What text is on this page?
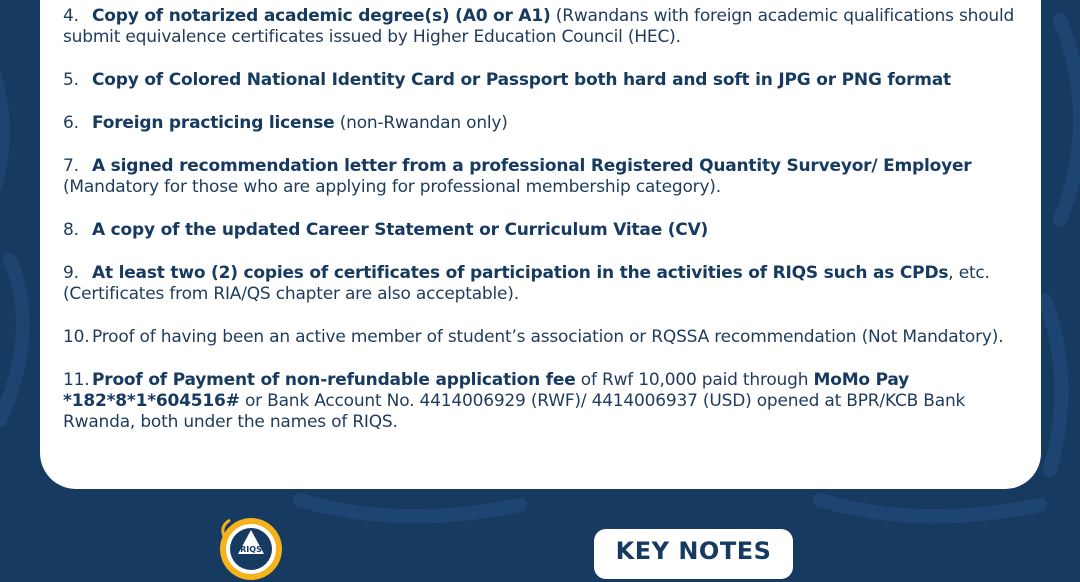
4. Copy of notarized academic degree(s) (A0 or A1) (Rwandans with foreign academic qualifications should submit equivalence certificates issued by Higher Education Council (HEC).
5. Copy of Colored National Identity Card or Passport both hard and soft in JPG or PNG format
6. Foreign practicing license (non-Rwandan only)
7. A signed recommendation letter from a professional Registered Quantity Surveyor/ Employer (Mandatory for those who are applying for professional membership category).
8. A copy of the updated Career Statement or Curriculum Vitae (CV)
9. At least two (2) copies of certificates of participation in the activities of RIQS such as CPDs, etc. (Certificates from RIA/QS chapter are also acceptable).
10. Proof of having been an active member of student’s association or RQSSA recommendation (Not Mandatory).
11. Proof of Payment of non-refundable application fee of Rwf 10,000 paid through MoMo Pay *182*8*1*604516# or Bank Account No. 4414006929 (RWF)/ 4414006937 (USD) opened at BPR/KCB Bank Rwanda, both under the names of RIQS.
RIQS	KEY NOTES
